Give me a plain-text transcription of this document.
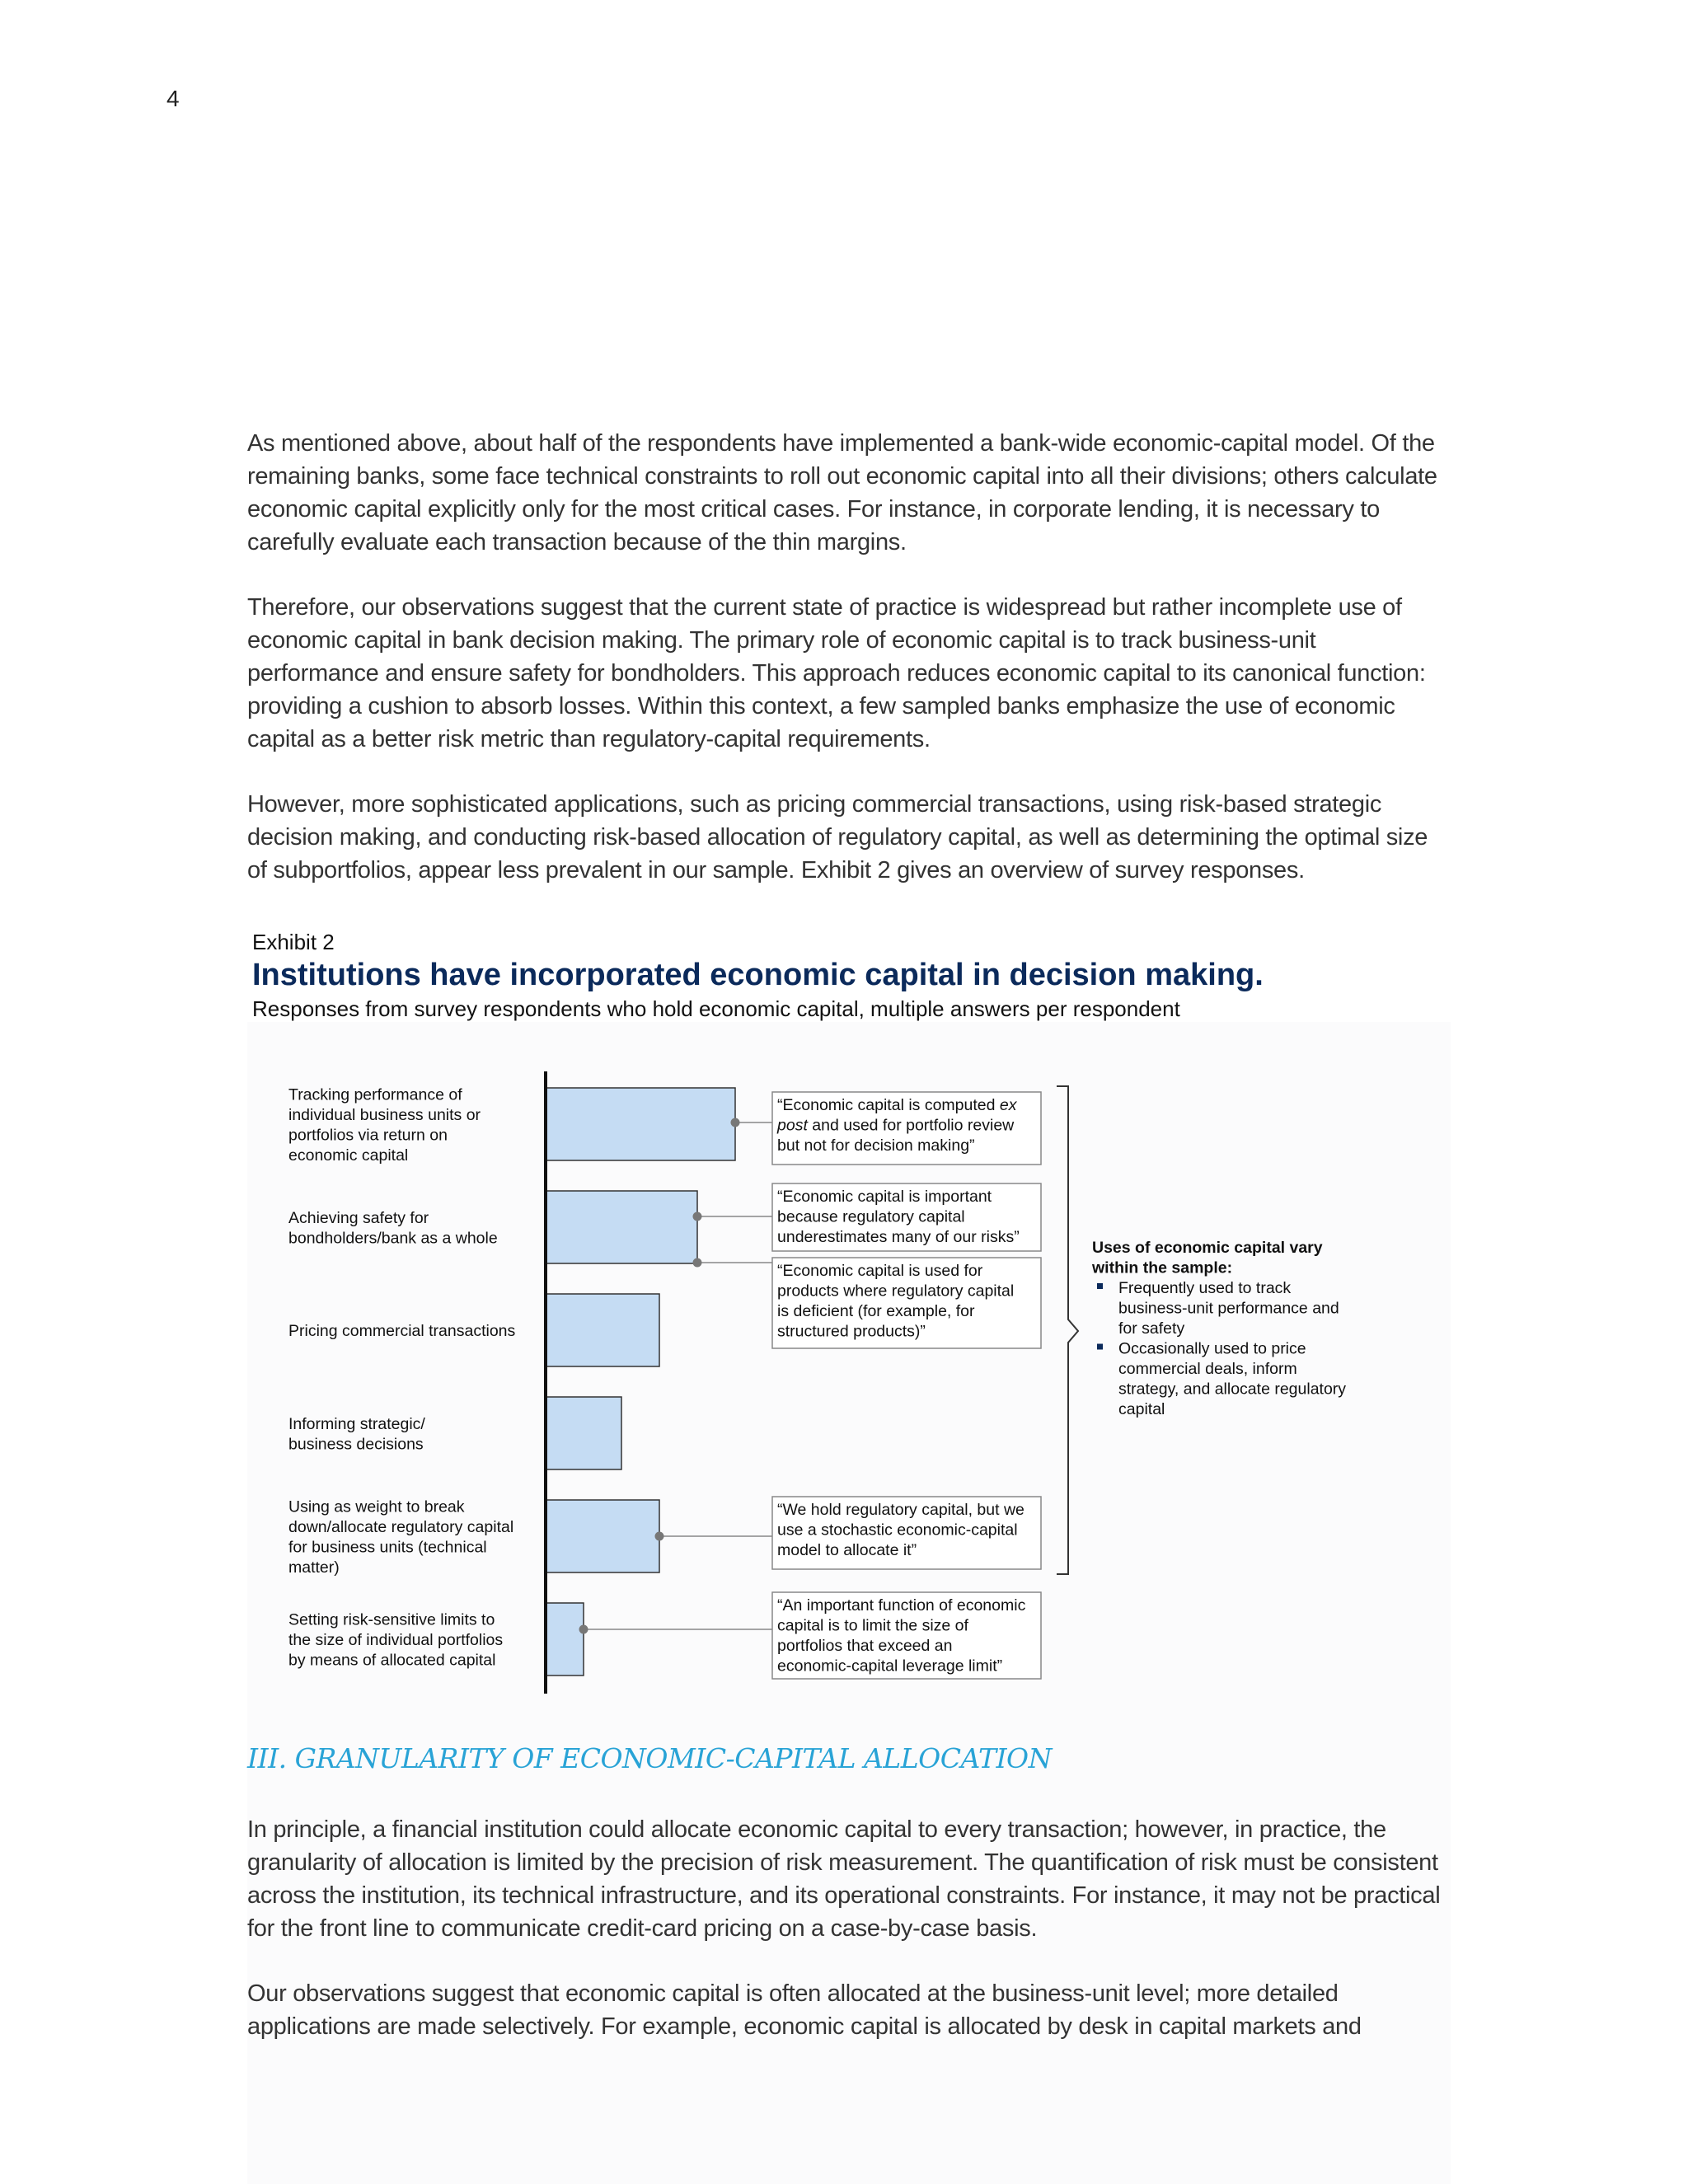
4

As mentioned above, about half of the respondents have implemented a bank-wide economic-capital model. Of the remaining banks, some face technical constraints to roll out economic capital into all their divisions; others calculate economic capital explicitly only for the most critical cases. For instance, in corporate lending, it is necessary to carefully evaluate each transaction because of the thin margins.

Therefore, our observations suggest that the current state of practice is widespread but rather incomplete use of economic capital in bank decision making. The primary role of economic capital is to track business-unit performance and ensure safety for bondholders. This approach reduces economic capital to its canonical function: providing a cushion to absorb losses. Within this context, a few sampled banks emphasize the use of economic capital as a better risk metric than regulatory-capital requirements.

However, more sophisticated applications, such as pricing commercial transactions, using risk-based strategic decision making, and conducting risk-based allocation of regulatory capital, as well as determining the optimal size of subportfolios, appear less prevalent in our sample. Exhibit 2 gives an overview of survey responses.

Exhibit 2
Institutions have incorporated economic capital in decision making.
Responses from survey respondents who hold economic capital, multiple answers per respondent
Tracking performance of individual business units or portfolios via return on economic capital
Achieving safety for bondholders/bank as a whole
Pricing commercial transactions
Informing strategic/ business decisions
Using as weight to break down/allocate regulatory capital for business units (technical matter)
Setting risk-sensitive limits to the size of individual portfolios by means of allocated capital
“Economic capital is computed ex post and used for portfolio review but not for decision making”
“Economic capital is important because regulatory capital underestimates many of our risks”
“Economic capital is used for products where regulatory capital is deficient (for example, for structured products)”
“We hold regulatory capital, but we use a stochastic economic-capital model to allocate it”
“An important function of economic capital is to limit the size of portfolios that exceed an economic-capital leverage limit”
Uses of economic capital vary within the sample:
Frequently used to track business-unit performance and for safety
Occasionally used to price commercial deals, inform strategy, and allocate regulatory capital
III. GRANULARITY OF ECONOMIC-CAPITAL ALLOCATION

In principle, a financial institution could allocate economic capital to every transaction; however, in practice, the granularity of allocation is limited by the precision of risk measurement. The quantification of risk must be consistent across the institution, its technical infrastructure, and its operational constraints. For instance, it may not be practical for the front line to communicate credit-card pricing on a case-by-case basis.

Our observations suggest that economic capital is often allocated at the business-unit level; more detailed applications are made selectively. For example, economic capital is allocated by desk in capital markets and
